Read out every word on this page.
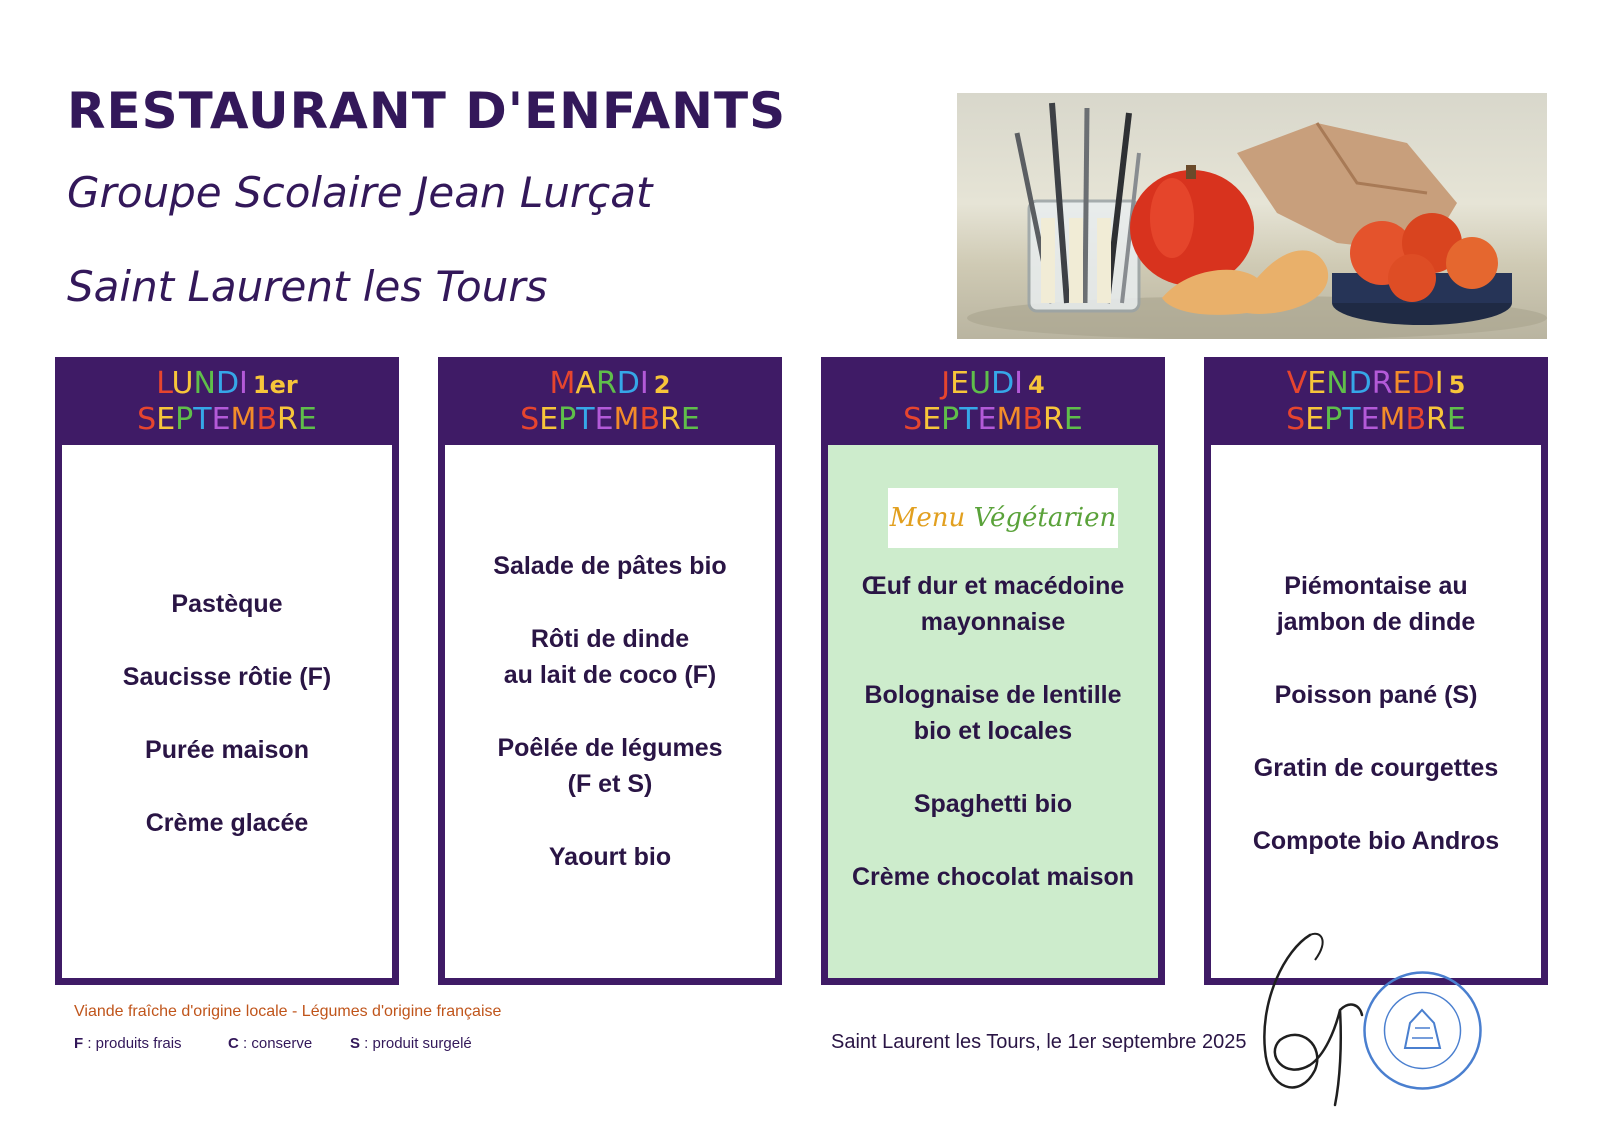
RESTAURANT D'ENFANTS
Groupe Scolaire Jean Lurçat
Saint Laurent les Tours
LUNDI 1er
SEPTEMBRE
Pastèque
Saucisse rôtie (F)
Purée maison
Crème glacée
MARDI 2
SEPTEMBRE
Salade de pâtes bio
Rôti de dinde
au lait de coco (F)
Poêlée de légumes
(F et S)
Yaourt bio
JEUDI 4
SEPTEMBRE
Menu Végétarien
Œuf dur et macédoine
mayonnaise
Bolognaise de lentille
bio et locales
Spaghetti bio
Crème chocolat maison
VENDREDI 5
SEPTEMBRE
Piémontaise au
jambon de dinde
Poisson pané (S)
Gratin de courgettes
Compote bio Andros
Viande fraîche d'origine locale - Légumes d'origine française
F : produits frais	C : conserve	S : produit surgelé	Saint Laurent les Tours, le 1er septembre 2025
